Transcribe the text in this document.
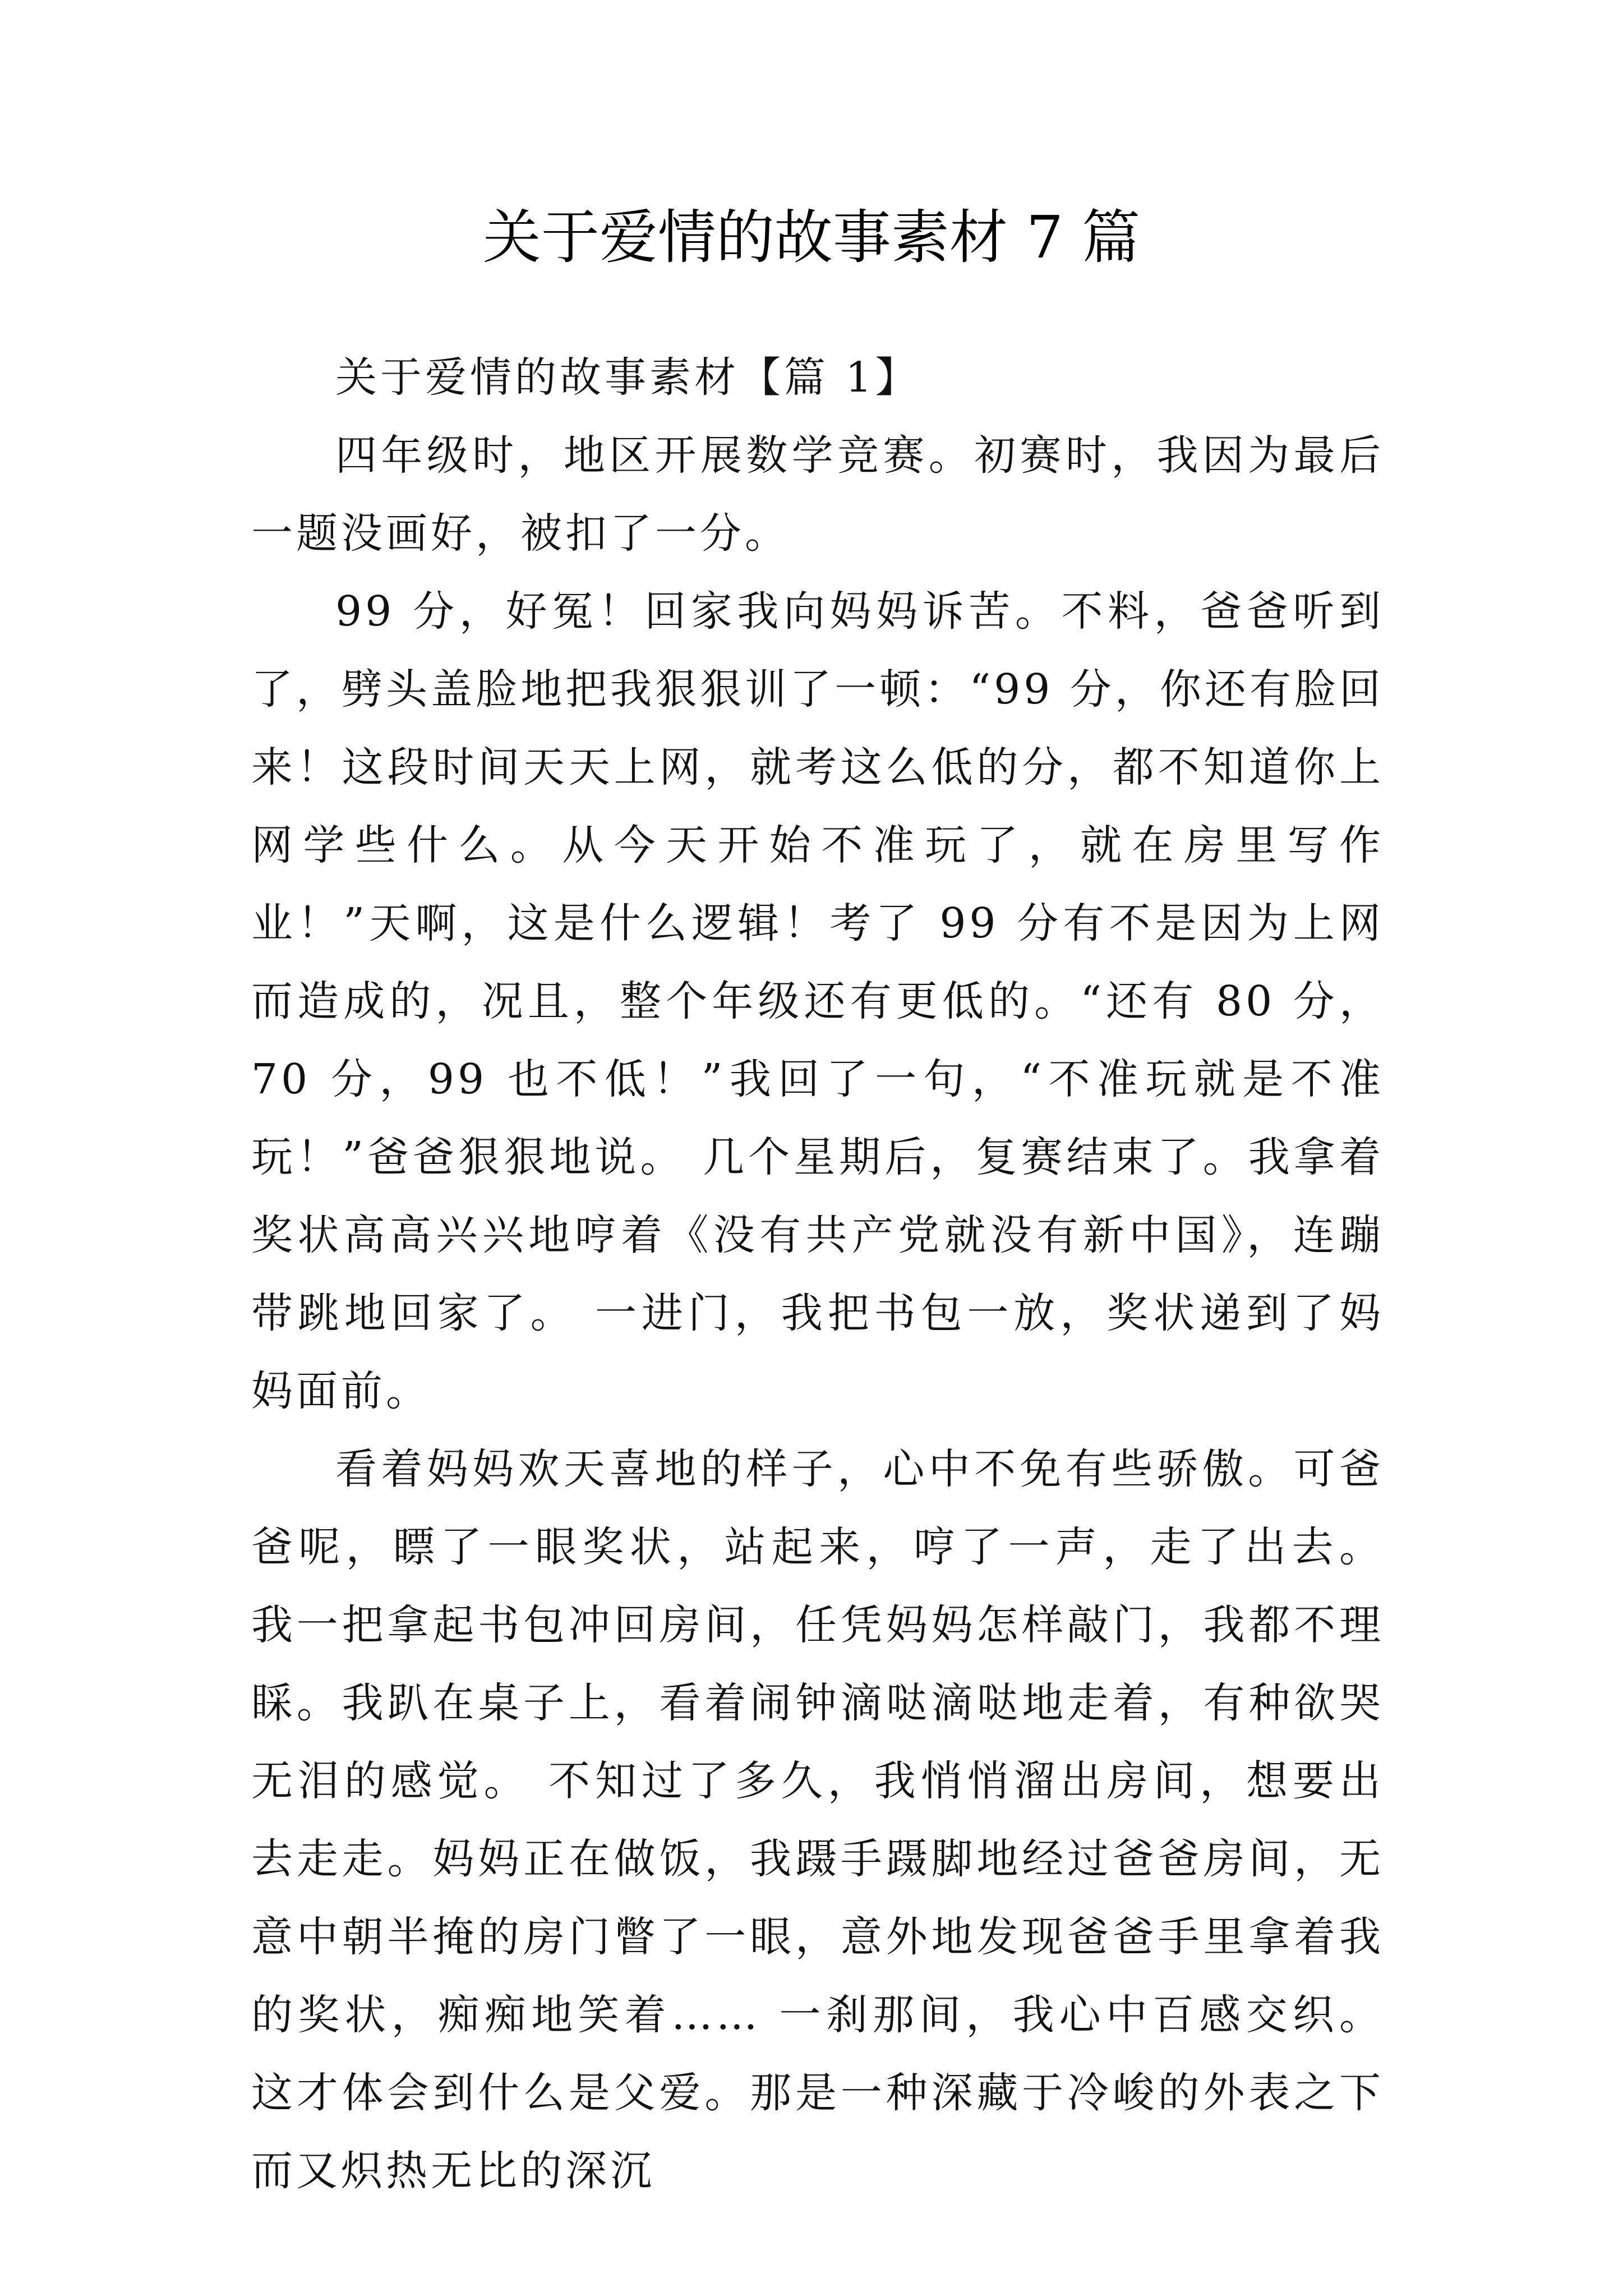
关于爱情的故事素材 7 篇

关于爱情的故事素材【篇 1】

四年级时，地区开展数学竞赛。初赛时，我因为最后一题没画好，被扣了一分。

99 分，好冤！回家我向妈妈诉苦。不料，爸爸听到了，劈头盖脸地把我狠狠训了一顿：“99 分，你还有脸回来！这段时间天天上网，就考这么低的分，都不知道你上网学些什么。从今天开始不准玩了，就在房里写作业！”天啊，这是什么逻辑！考了 99 分有不是因为上网而造成的，况且，整个年级还有更低的。“还有 80 分，70 分，99 也不低！”我回了一句，“不准玩就是不准玩！”爸爸狠狠地说。 几个星期后，复赛结束了。我拿着奖状高高兴兴地哼着《没有共产党就没有新中国》，连蹦带跳地回家了。 一进门，我把书包一放，奖状递到了妈妈面前。

看着妈妈欢天喜地的样子，心中不免有些骄傲。可爸爸呢，瞟了一眼奖状，站起来，哼了一声，走了出去。 我一把拿起书包冲回房间，任凭妈妈怎样敲门，我都不理睬。我趴在桌子上，看着闹钟滴哒滴哒地走着，有种欲哭无泪的感觉。 不知过了多久，我悄悄溜出房间，想要出去走走。妈妈正在做饭，我蹑手蹑脚地经过爸爸房间，无意中朝半掩的房门瞥了一眼，意外地发现爸爸手里拿着我的奖状，痴痴地笑着…… 一刹那间，我心中百感交织。这才体会到什么是父爱。那是一种深藏于冷峻的外表之下而又炽热无比的深沉
